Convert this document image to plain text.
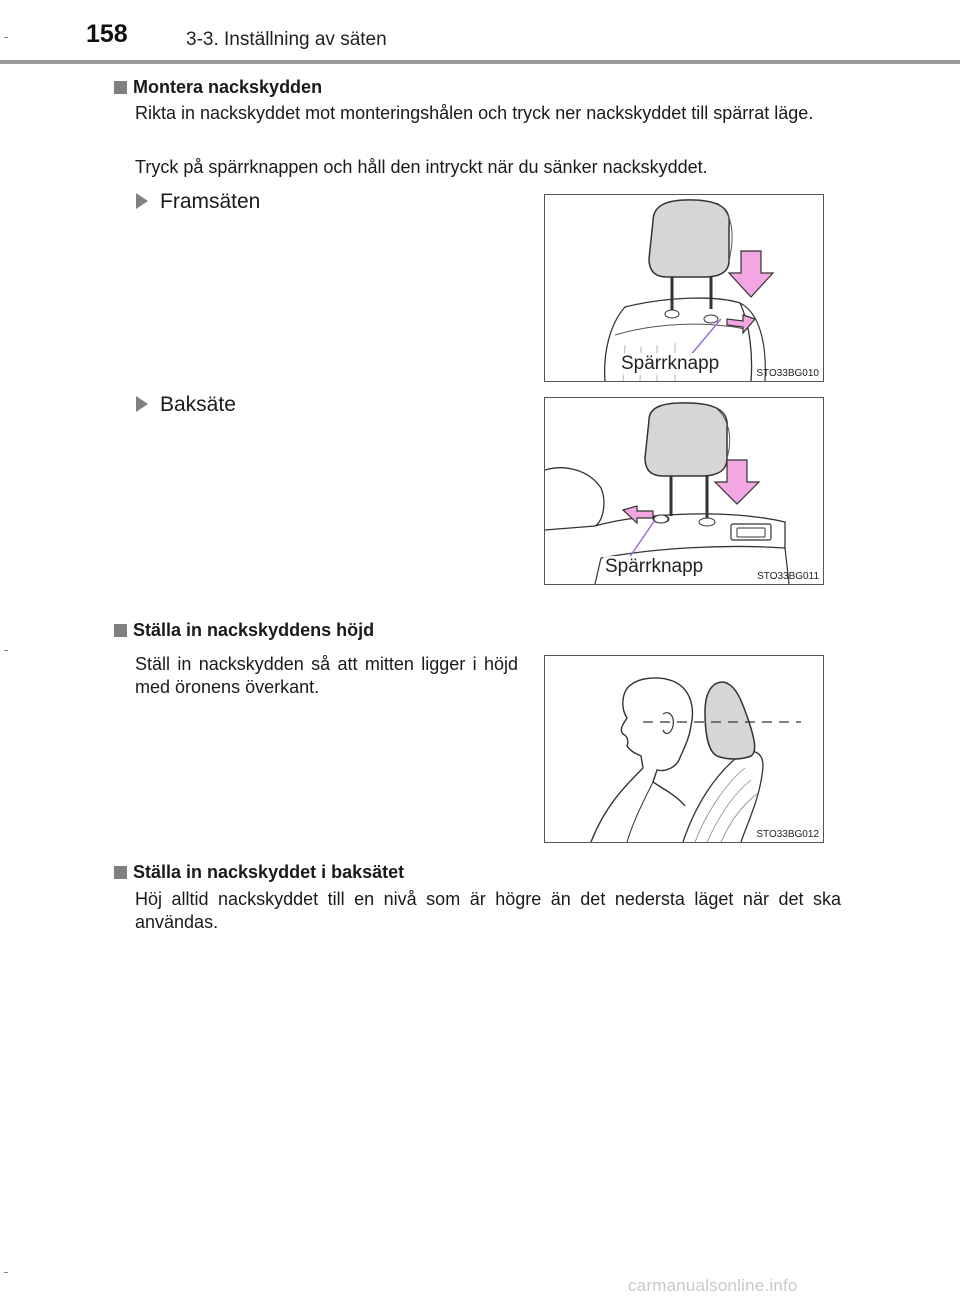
158	3-3. Inställning av säten
Montera nackskydden
Rikta in nackskyddet mot monteringshålen och tryck ner nackskyddet till spärrat läge.
Tryck på spärrknappen och håll den intryckt när du sänker nackskyddet.
Framsäten
Spärrknapp	STO33BG010
Baksäte
Spärrknapp	STO33BG011
Ställa in nackskyddens höjd
Ställ in nackskydden så att mitten ligger i höjd med öronens överkant.
STO33BG012
Ställa in nackskyddet i baksätet
Höj alltid nackskyddet till en nivå som är högre än det nedersta läget när det ska användas.
carmanualsonline.info
